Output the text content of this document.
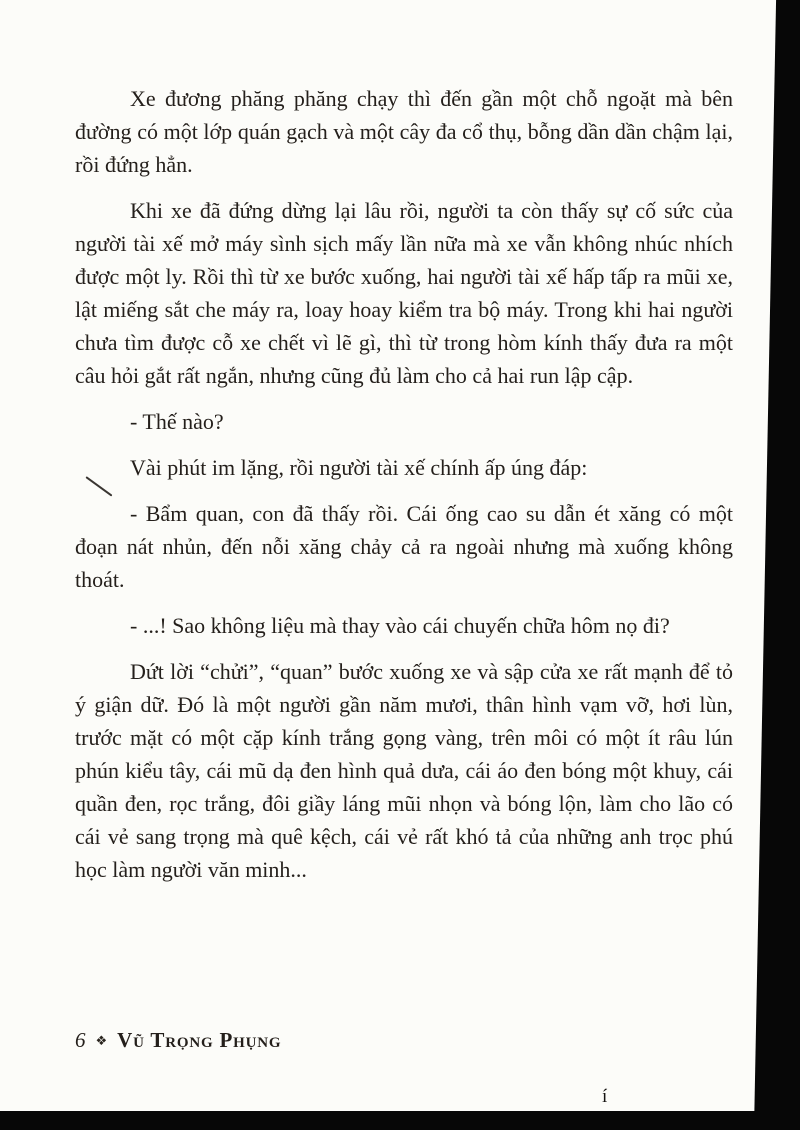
Xe đương phăng phăng chạy thì đến gần một chỗ ngoặt mà bên đường có một lớp quán gạch và một cây đa cổ thụ, bỗng dần dần chậm lại, rồi đứng hẳn.

Khi xe đã đứng dừng lại lâu rồi, người ta còn thấy sự cố sức của người tài xế mở máy sình sịch mấy lần nữa mà xe vẫn không nhúc nhích được một ly. Rồi thì từ xe bước xuống, hai người tài xế hấp tấp ra mũi xe, lật miếng sắt che máy ra, loay hoay kiểm tra bộ máy. Trong khi hai người chưa tìm được cỗ xe chết vì lẽ gì, thì từ trong hòm kính thấy đưa ra một câu hỏi gắt rất ngắn, nhưng cũng đủ làm cho cả hai run lập cập.

- Thế nào?

Vài phút im lặng, rồi người tài xế chính ấp úng đáp:

- Bẩm quan, con đã thấy rồi. Cái ống cao su dẫn ét xăng có một đoạn nát nhủn, đến nỗi xăng chảy cả ra ngoài nhưng mà xuống không thoát.

- ...! Sao không liệu mà thay vào cái chuyến chữa hôm nọ đi?

Dứt lời “chửi”, “quan” bước xuống xe và sập cửa xe rất mạnh để tỏ ý giận dữ. Đó là một người gần năm mươi, thân hình vạm vỡ, hơi lùn, trước mặt có một cặp kính trắng gọng vàng, trên môi có một ít râu lún phún kiểu tây, cái mũ dạ đen hình quả dưa, cái áo đen bóng một khuy, cái quần đen, rọc trắng, đôi giầy láng mũi nhọn và bóng lộn, làm cho lão có cái vẻ sang trọng mà quê kệch, cái vẻ rất khó tả của những anh trọc phú học làm người văn minh...

6 ❖ Vũ Trọng Phụng
í
